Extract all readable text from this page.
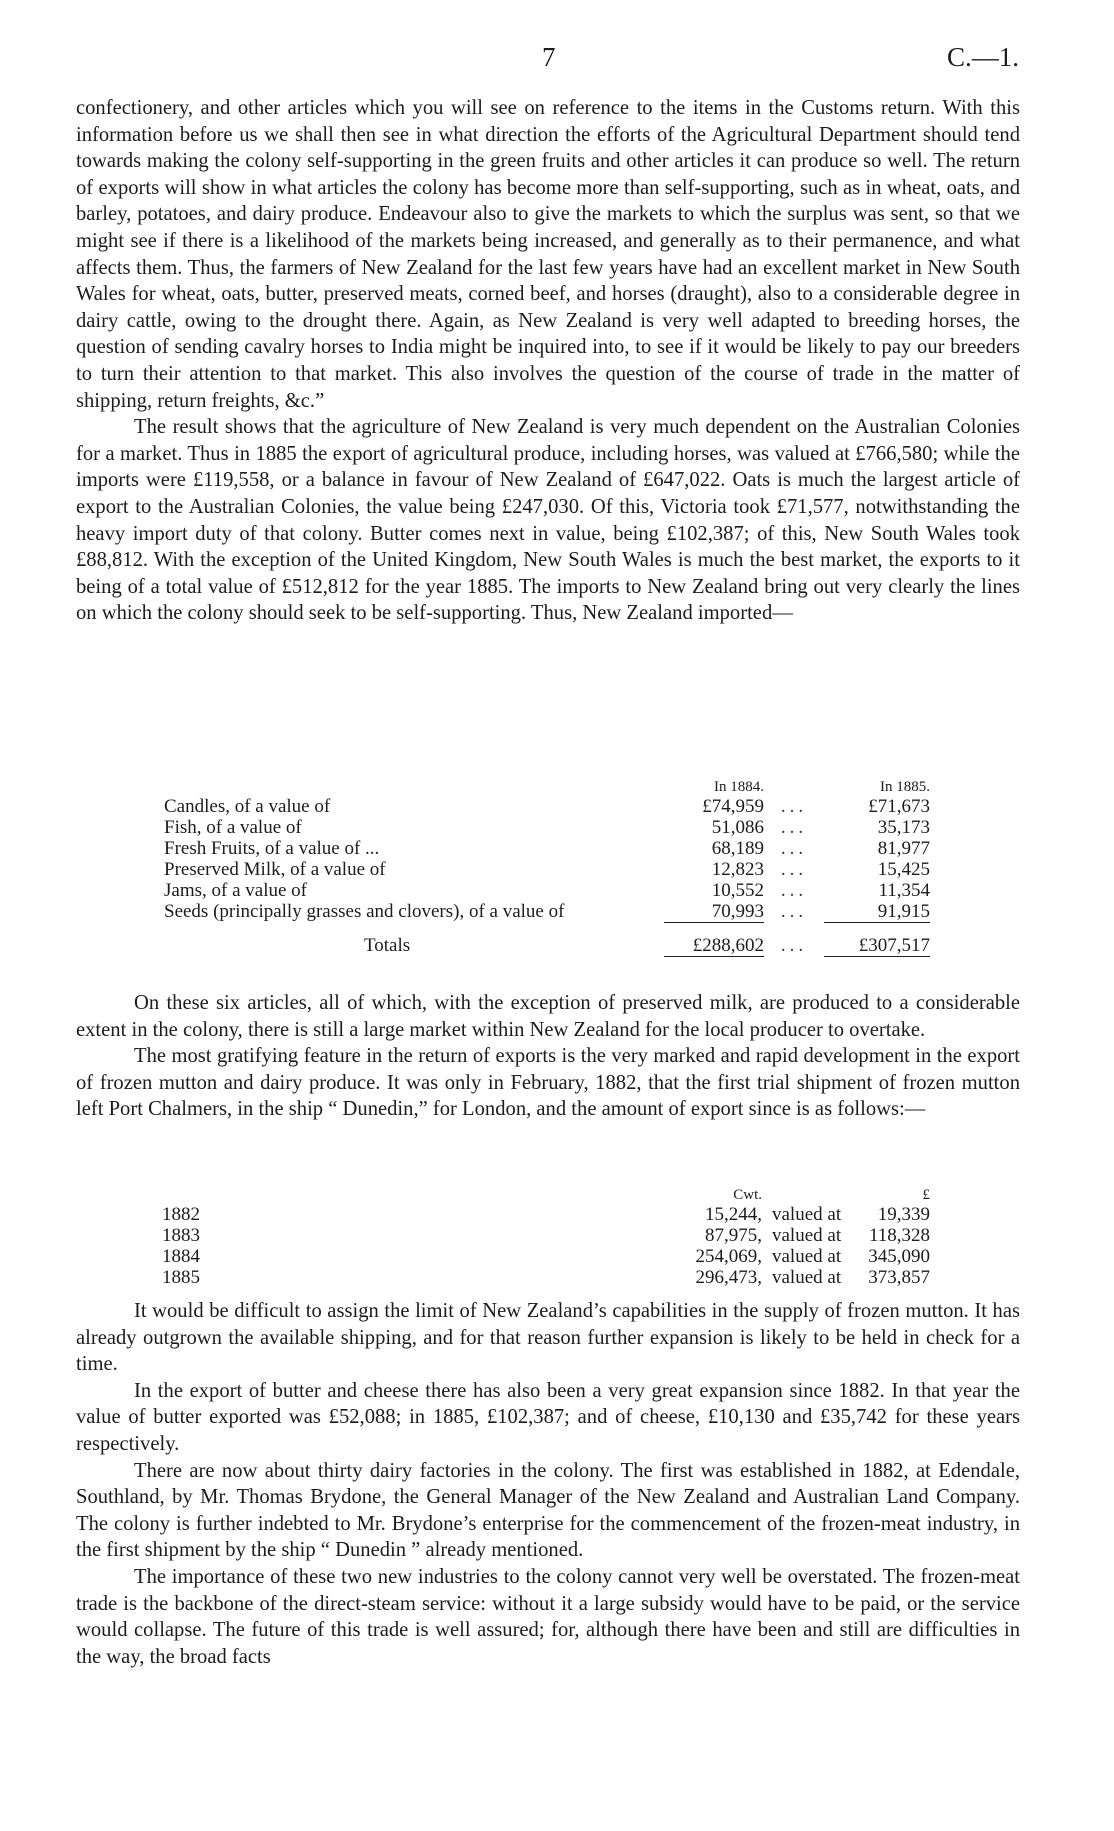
7	C.—1.

confectionery, and other articles which you will see on reference to the items in the Customs return. With this information before us we shall then see in what direction the efforts of the Agricultural Department should tend towards making the colony self-supporting in the green fruits and other articles it can produce so well. The return of exports will show in what articles the colony has become more than self-supporting, such as in wheat, oats, and barley, potatoes, and dairy produce. Endeavour also to give the markets to which the surplus was sent, so that we might see if there is a likelihood of the markets being increased, and generally as to their permanence, and what affects them. Thus, the farmers of New Zealand for the last few years have had an excellent market in New South Wales for wheat, oats, butter, preserved meats, corned beef, and horses (draught), also to a considerable degree in dairy cattle, owing to the drought there. Again, as New Zealand is very well adapted to breeding horses, the question of sending cavalry horses to India might be inquired into, to see if it would be likely to pay our breeders to turn their attention to that market. This also involves the question of the course of trade in the matter of shipping, return freights, &c.”

The result shows that the agriculture of New Zealand is very much dependent on the Australian Colonies for a market. Thus in 1885 the export of agricultural produce, including horses, was valued at £766,580; while the imports were £119,558, or a balance in favour of New Zealand of £647,022. Oats is much the largest article of export to the Australian Colonies, the value being £247,030. Of this, Victoria took £71,577, notwithstanding the heavy import duty of that colony. Butter comes next in value, being £102,387; of this, New South Wales took £88,812. With the exception of the United Kingdom, New South Wales is much the best market, the exports to it being of a total value of £512,812 for the year 1885. The imports to New Zealand bring out very clearly the lines on which the colony should seek to be self-supporting. Thus, New Zealand imported—

	In 1884.		In 1885.
Candles, of a value of	£74,959	...	£71,673
Fish, of a value of	51,086	...	35,173
Fresh Fruits, of a value of ...	68,189	...	81,977
Preserved Milk, of a value of	12,823	...	15,425
Jams, of a value of	10,552	...	11,354
Seeds (principally grasses and clovers), of a value of	70,993	...	91,915

Totals	£288,602	...	£307,517

On these six articles, all of which, with the exception of preserved milk, are produced to a considerable extent in the colony, there is still a large market within New Zealand for the local producer to overtake.

The most gratifying feature in the return of exports is the very marked and rapid development in the export of frozen mutton and dairy produce. It was only in February, 1882, that the first trial shipment of frozen mutton left Port Chalmers, in the ship “ Dunedin,” for London, and the amount of export since is as follows:—

	Cwt.		£
1882	15,244,	valued at	19,339
1883	87,975,	valued at	118,328
1884	254,069,	valued at	345,090
1885	296,473,	valued at	373,857

It would be difficult to assign the limit of New Zealand’s capabilities in the supply of frozen mutton. It has already outgrown the available shipping, and for that reason further expansion is likely to be held in check for a time.

In the export of butter and cheese there has also been a very great expansion since 1882. In that year the value of butter exported was £52,088; in 1885, £102,387; and of cheese, £10,130 and £35,742 for these years respectively.

There are now about thirty dairy factories in the colony. The first was established in 1882, at Edendale, Southland, by Mr. Thomas Brydone, the General Manager of the New Zealand and Australian Land Company. The colony is further indebted to Mr. Brydone’s enterprise for the commencement of the frozen-meat industry, in the first shipment by the ship “ Dunedin ” already mentioned.

The importance of these two new industries to the colony cannot very well be overstated. The frozen-meat trade is the backbone of the direct-steam service: without it a large subsidy would have to be paid, or the service would collapse. The future of this trade is well assured; for, although there have been and still are difficulties in the way, the broad facts
